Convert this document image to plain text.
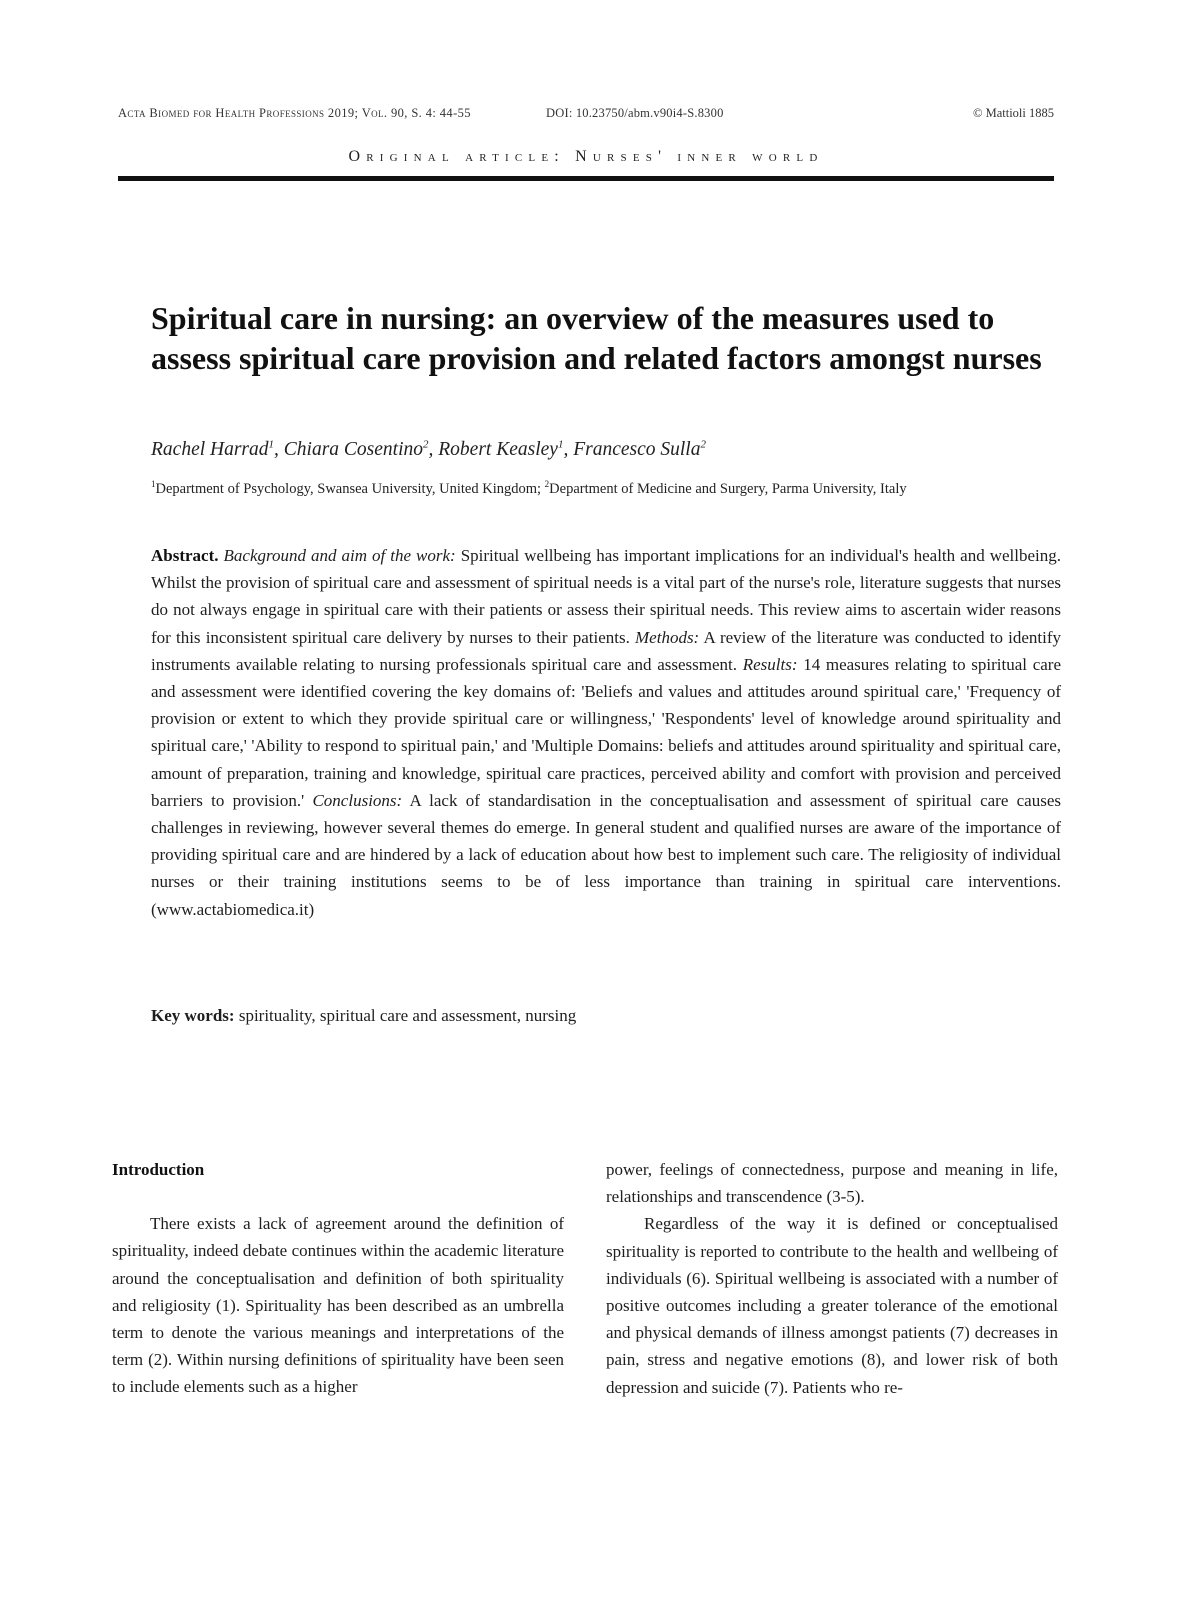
Acta Biomed for Health Professions 2019; Vol. 90, S. 4: 44-55	DOI: 10.23750/abm.v90i4-S.8300	© Mattioli 1885
Original article: Nurses' inner world
Spiritual care in nursing: an overview of the measures used to assess spiritual care provision and related factors amongst nurses
Rachel Harrad$^1$, Chiara Cosentino$^2$, Robert Keasley$^1$, Francesco Sulla$^2$
$^1$Department of Psychology, Swansea University, United Kingdom; $^2$Department of Medicine and Surgery, Parma University, Italy
Abstract. Background and aim of the work: Spiritual wellbeing has important implications for an individual's health and wellbeing. Whilst the provision of spiritual care and assessment of spiritual needs is a vital part of the nurse's role, literature suggests that nurses do not always engage in spiritual care with their patients or assess their spiritual needs. This review aims to ascertain wider reasons for this inconsistent spiritual care delivery by nurses to their patients. Methods: A review of the literature was conducted to identify instruments available relating to nursing professionals spiritual care and assessment. Results: 14 measures relating to spiritual care and assessment were identified covering the key domains of: 'Beliefs and values and attitudes around spiritual care,' 'Frequency of provision or extent to which they provide spiritual care or willingness,' 'Respondents' level of knowledge around spirituality and spiritual care,' 'Ability to respond to spiritual pain,' and 'Multiple Domains: beliefs and attitudes around spirituality and spiritual care, amount of preparation, training and knowledge, spiritual care practices, perceived ability and comfort with provision and perceived barriers to provision.' Conclusions: A lack of standardisation in the conceptualisation and assessment of spiritual care causes challenges in reviewing, however several themes do emerge. In general student and qualified nurses are aware of the importance of providing spiritual care and are hindered by a lack of education about how best to implement such care. The religiosity of individual nurses or their training institutions seems to be of less importance than training in spiritual care interventions. (www.actabiomedica.it)
Key words: spirituality, spiritual care and assessment, nursing
Introduction

There exists a lack of agreement around the definition of spirituality, indeed debate continues within the academic literature around the conceptualisation and definition of both spirituality and religiosity (1). Spirituality has been described as an umbrella term to denote the various meanings and interpretations of the term (2). Within nursing definitions of spirituality have been seen to include elements such as a higher

power, feelings of connectedness, purpose and meaning in life, relationships and transcendence (3-5).

Regardless of the way it is defined or conceptualised spirituality is reported to contribute to the health and wellbeing of individuals (6). Spiritual wellbeing is associated with a number of positive outcomes including a greater tolerance of the emotional and physical demands of illness amongst patients (7) decreases in pain, stress and negative emotions (8), and lower risk of both depression and suicide (7). Patients who re-
